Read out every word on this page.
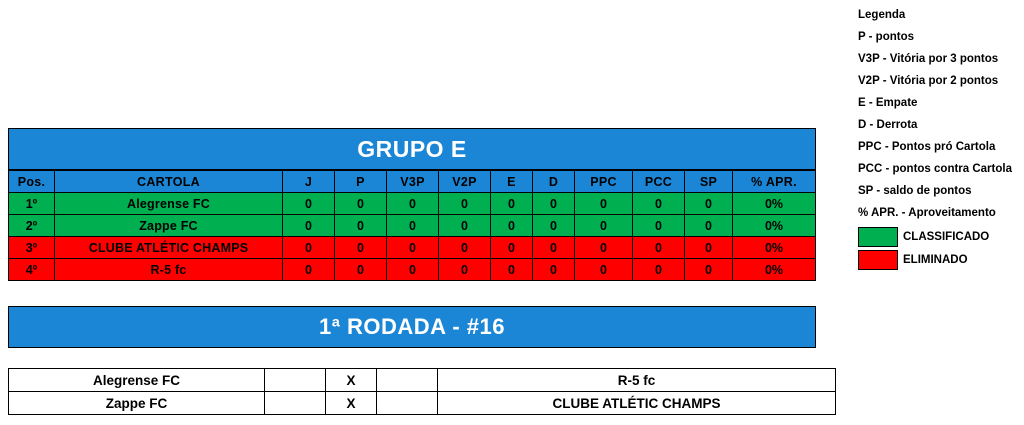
Legenda
P - pontos
V3P - Vitória por 3 pontos
V2P - Vitória por 2 pontos
E - Empate
D - Derrota
PPC - Pontos pró Cartola
PCC - pontos contra Cartola
SP - saldo de pontos
% APR. - Aproveitamento
CLASSIFICADO
ELIMINADO
GRUPO E
Pos.	CARTOLA	J	P	V3P	V2P	E	D	PPC	PCC	SP	% APR.
1º	Alegrense FC	0	0	0	0	0	0	0	0	0	0%
2º	Zappe FC	0	0	0	0	0	0	0	0	0	0%
3º	CLUBE ATLÉTIC CHAMPS	0	0	0	0	0	0	0	0	0	0%
4º	R-5 fc	0	0	0	0	0	0	0	0	0	0%
1ª RODADA - #16
Alegrense FC		X		R-5 fc
Zappe FC		X		CLUBE ATLÉTIC CHAMPS
